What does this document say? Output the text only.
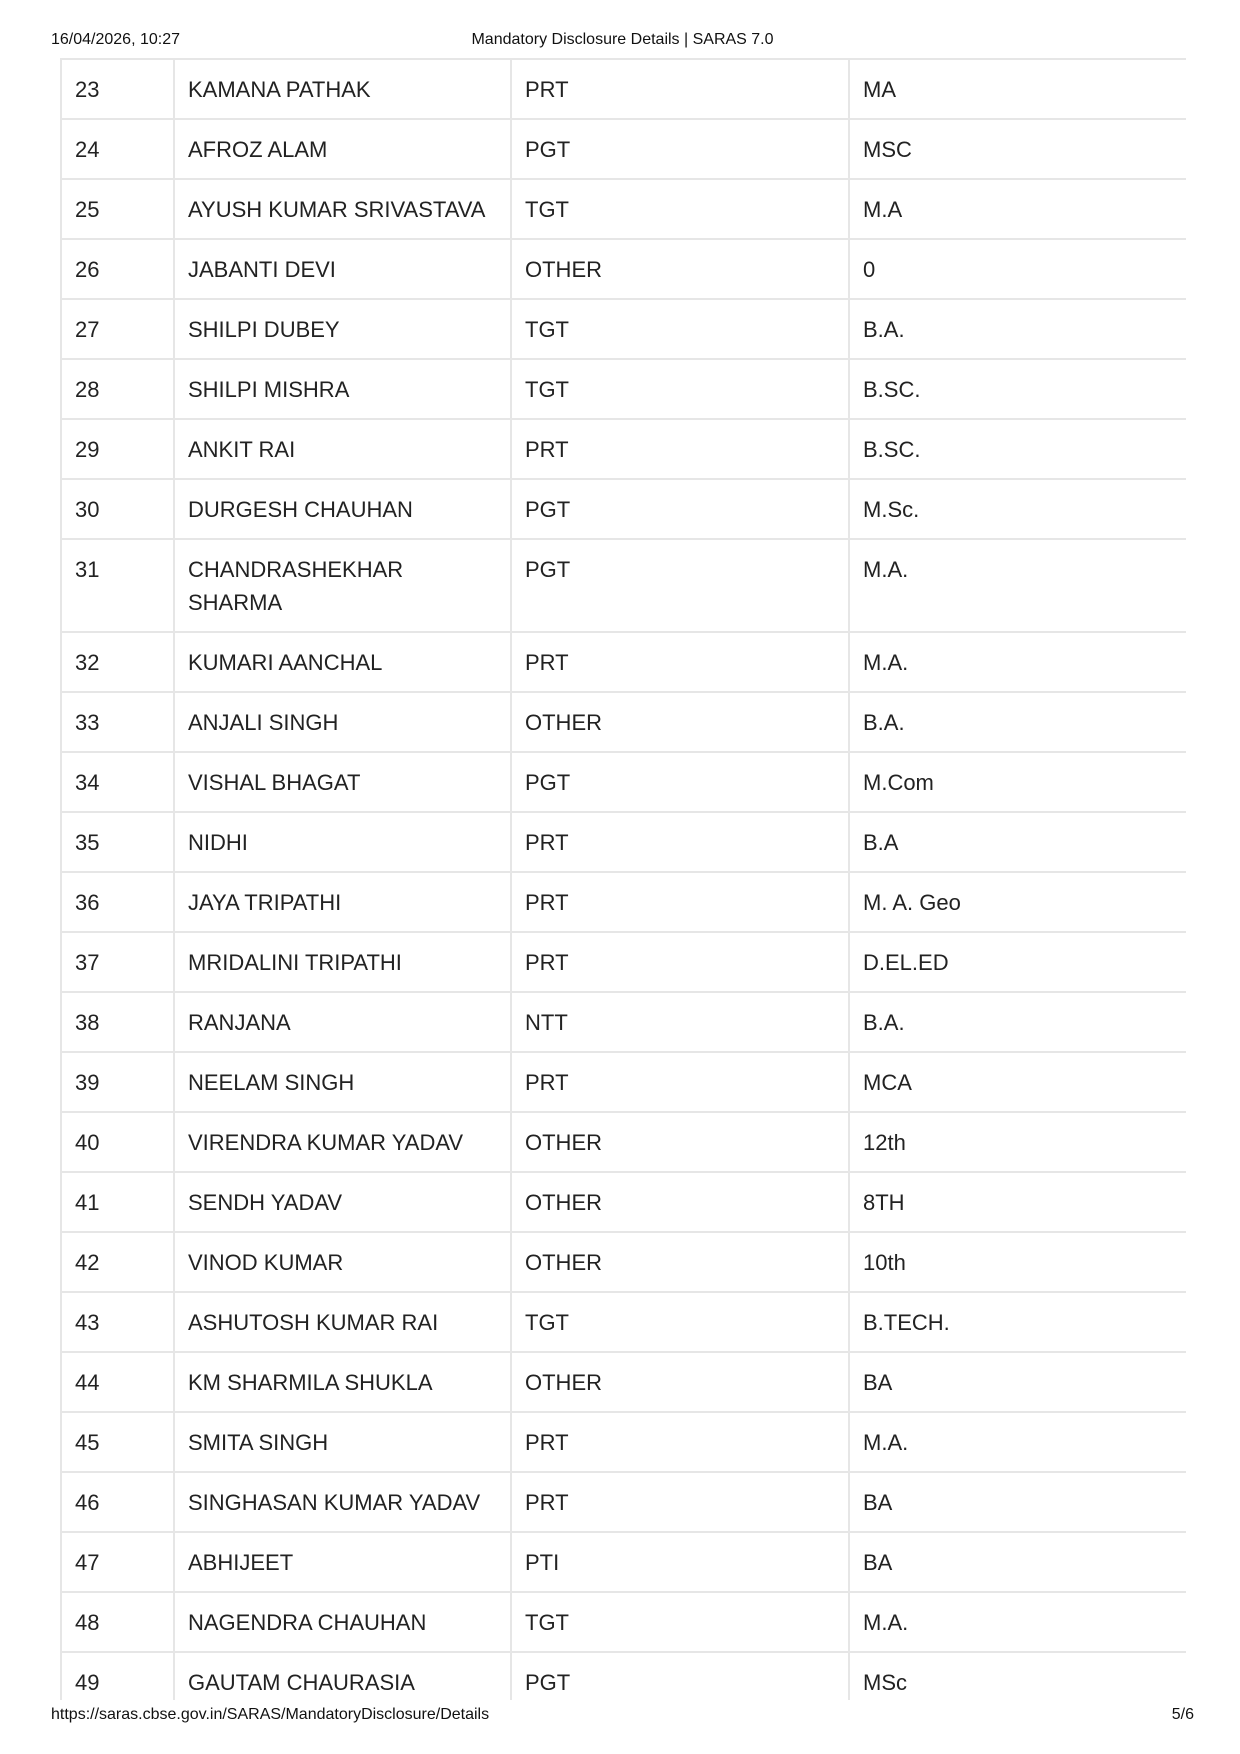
16/04/2026, 10:27	Mandatory Disclosure Details | SARAS 7.0
23	KAMANA PATHAK	PRT	MA
24	AFROZ ALAM	PGT	MSC
25	AYUSH KUMAR SRIVASTAVA	TGT	M.A
26	JABANTI DEVI	OTHER	0
27	SHILPI DUBEY	TGT	B.A.
28	SHILPI MISHRA	TGT	B.SC.
29	ANKIT RAI	PRT	B.SC.
30	DURGESH CHAUHAN	PGT	M.Sc.
31	CHANDRASHEKHAR SHARMA	PGT	M.A.
32	KUMARI AANCHAL	PRT	M.A.
33	ANJALI SINGH	OTHER	B.A.
34	VISHAL BHAGAT	PGT	M.Com
35	NIDHI	PRT	B.A
36	JAYA TRIPATHI	PRT	M. A. Geo
37	MRIDALINI TRIPATHI	PRT	D.EL.ED
38	RANJANA	NTT	B.A.
39	NEELAM SINGH	PRT	MCA
40	VIRENDRA KUMAR YADAV	OTHER	12th
41	SENDH YADAV	OTHER	8TH
42	VINOD KUMAR	OTHER	10th
43	ASHUTOSH KUMAR RAI	TGT	B.TECH.
44	KM SHARMILA SHUKLA	OTHER	BA
45	SMITA SINGH	PRT	M.A.
46	SINGHASAN KUMAR YADAV	PRT	BA
47	ABHIJEET	PTI	BA
48	NAGENDRA CHAUHAN	TGT	M.A.
49	GAUTAM CHAURASIA	PGT	MSc
https://saras.cbse.gov.in/SARAS/MandatoryDisclosure/Details	5/6
